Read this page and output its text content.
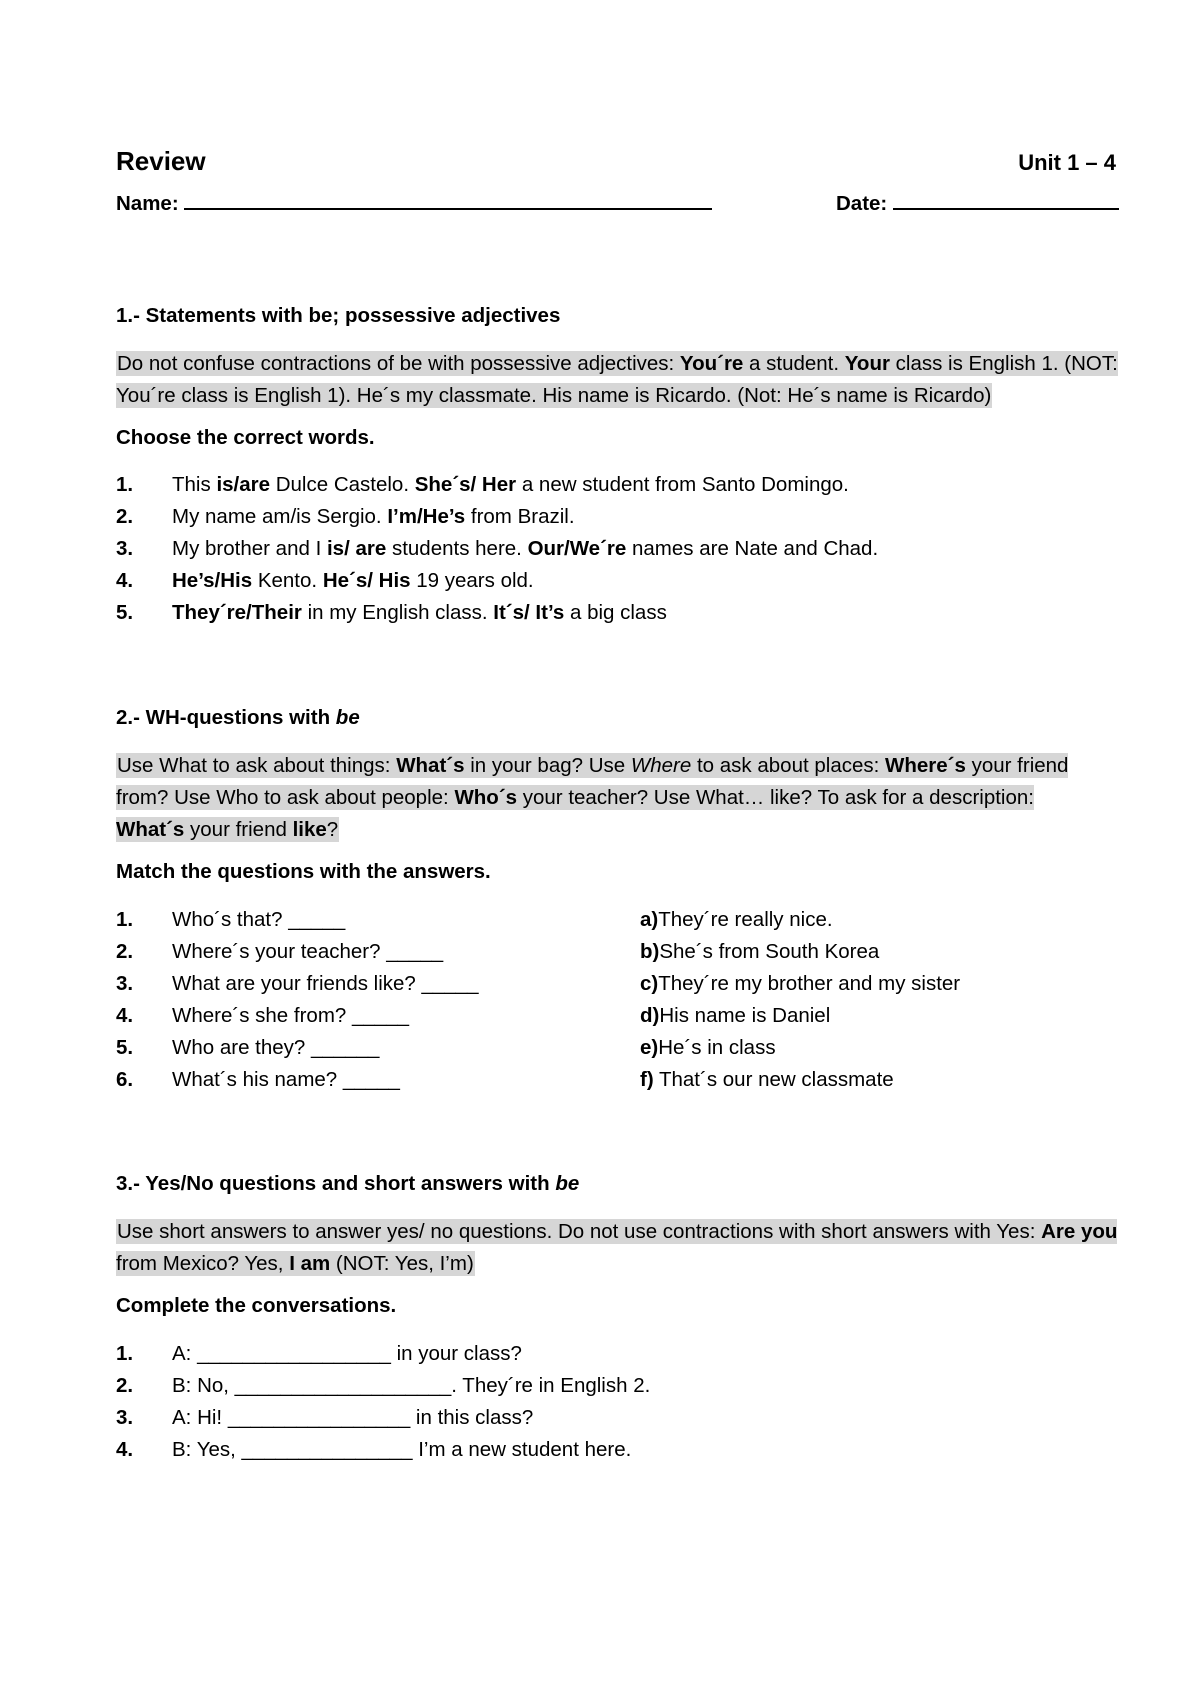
Review	Unit 1 – 4
Name:	Date:
1.- Statements with be; possessive adjectives
Do not confuse contractions of be with possessive adjectives: You´re a student. Your class is English 1. (NOT: You´re class is English 1). He´s my classmate. His name is Ricardo. (Not: He´s name is Ricardo)
Choose the correct words.
1. This is/are Dulce Castelo. She´s/ Her a new student from Santo Domingo.
2. My name am/is Sergio. I’m/He’s from Brazil.
3. My brother and I is/ are students here. Our/We´re names are Nate and Chad.
4. He’s/His Kento. He´s/ His 19 years old.
5. They´re/Their in my English class. It´s/ It’s a big class
2.- WH-questions with be
Use What to ask about things: What´s in your bag? Use Where to ask about places: Where´s your friend from? Use Who to ask about people: Who´s your teacher? Use What… like? To ask for a description: What´s your friend like?
Match the questions with the answers.
1. Who´s that? _____
2. Where´s your teacher? _____
3. What are your friends like? _____
4. Where´s she from? _____
5. Who are they? ______
6. What´s his name? _____
a)They´re really nice.
b)She´s from South Korea
c)They´re my brother and my sister
d)His name is Daniel
e)He´s in class
f) That´s our new classmate
3.- Yes/No questions and short answers with be
Use short answers to answer yes/ no questions. Do not use contractions with short answers with Yes: Are you from Mexico? Yes, I am (NOT: Yes, I’m)
Complete the conversations.
1. A: _________________ in your class?
2. B: No, ___________________. They´re in English 2.
3. A: Hi! ________________ in this class?
4. B: Yes, _______________ I’m a new student here.
